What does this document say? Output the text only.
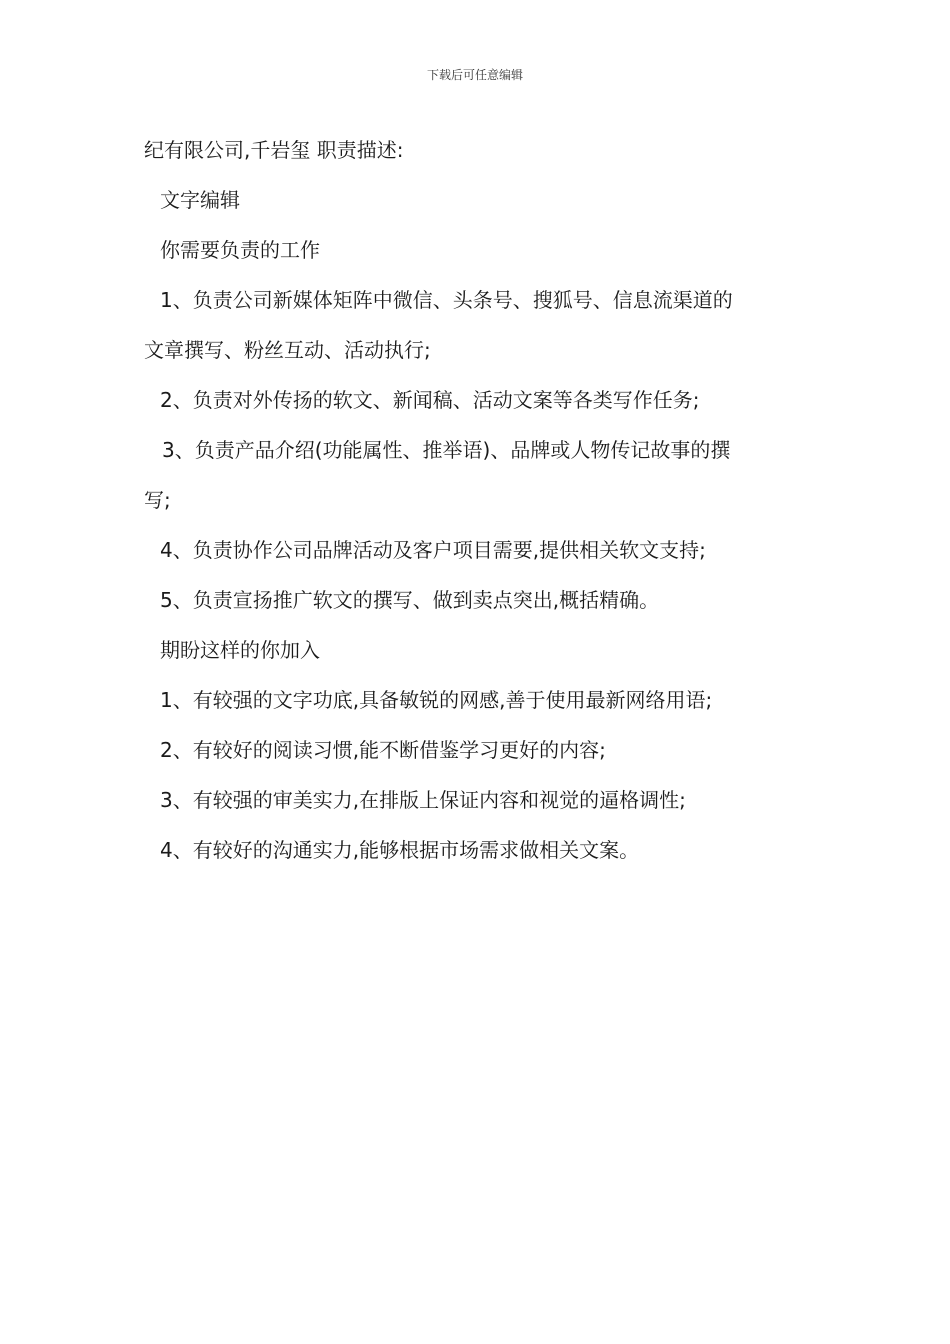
下载后可任意编辑
纪有限公司,千岩玺 职责描述:
文字编辑
你需要负责的工作
1、负责公司新媒体矩阵中微信、头条号、搜狐号、信息流渠道的
文章撰写、粉丝互动、活动执行;
2、负责对外传扬的软文、新闻稿、活动文案等各类写作任务;
3、负责产品介绍(功能属性、推举语)、品牌或人物传记故事的撰
写;
4、负责协作公司品牌活动及客户项目需要,提供相关软文支持;
5、负责宣扬推广软文的撰写、做到卖点突出,概括精确。
期盼这样的你加入
1、有较强的文字功底,具备敏锐的网感,善于使用最新网络用语;
2、有较好的阅读习惯,能不断借鉴学习更好的内容;
3、有较强的审美实力,在排版上保证内容和视觉的逼格调性;
4、有较好的沟通实力,能够根据市场需求做相关文案。
